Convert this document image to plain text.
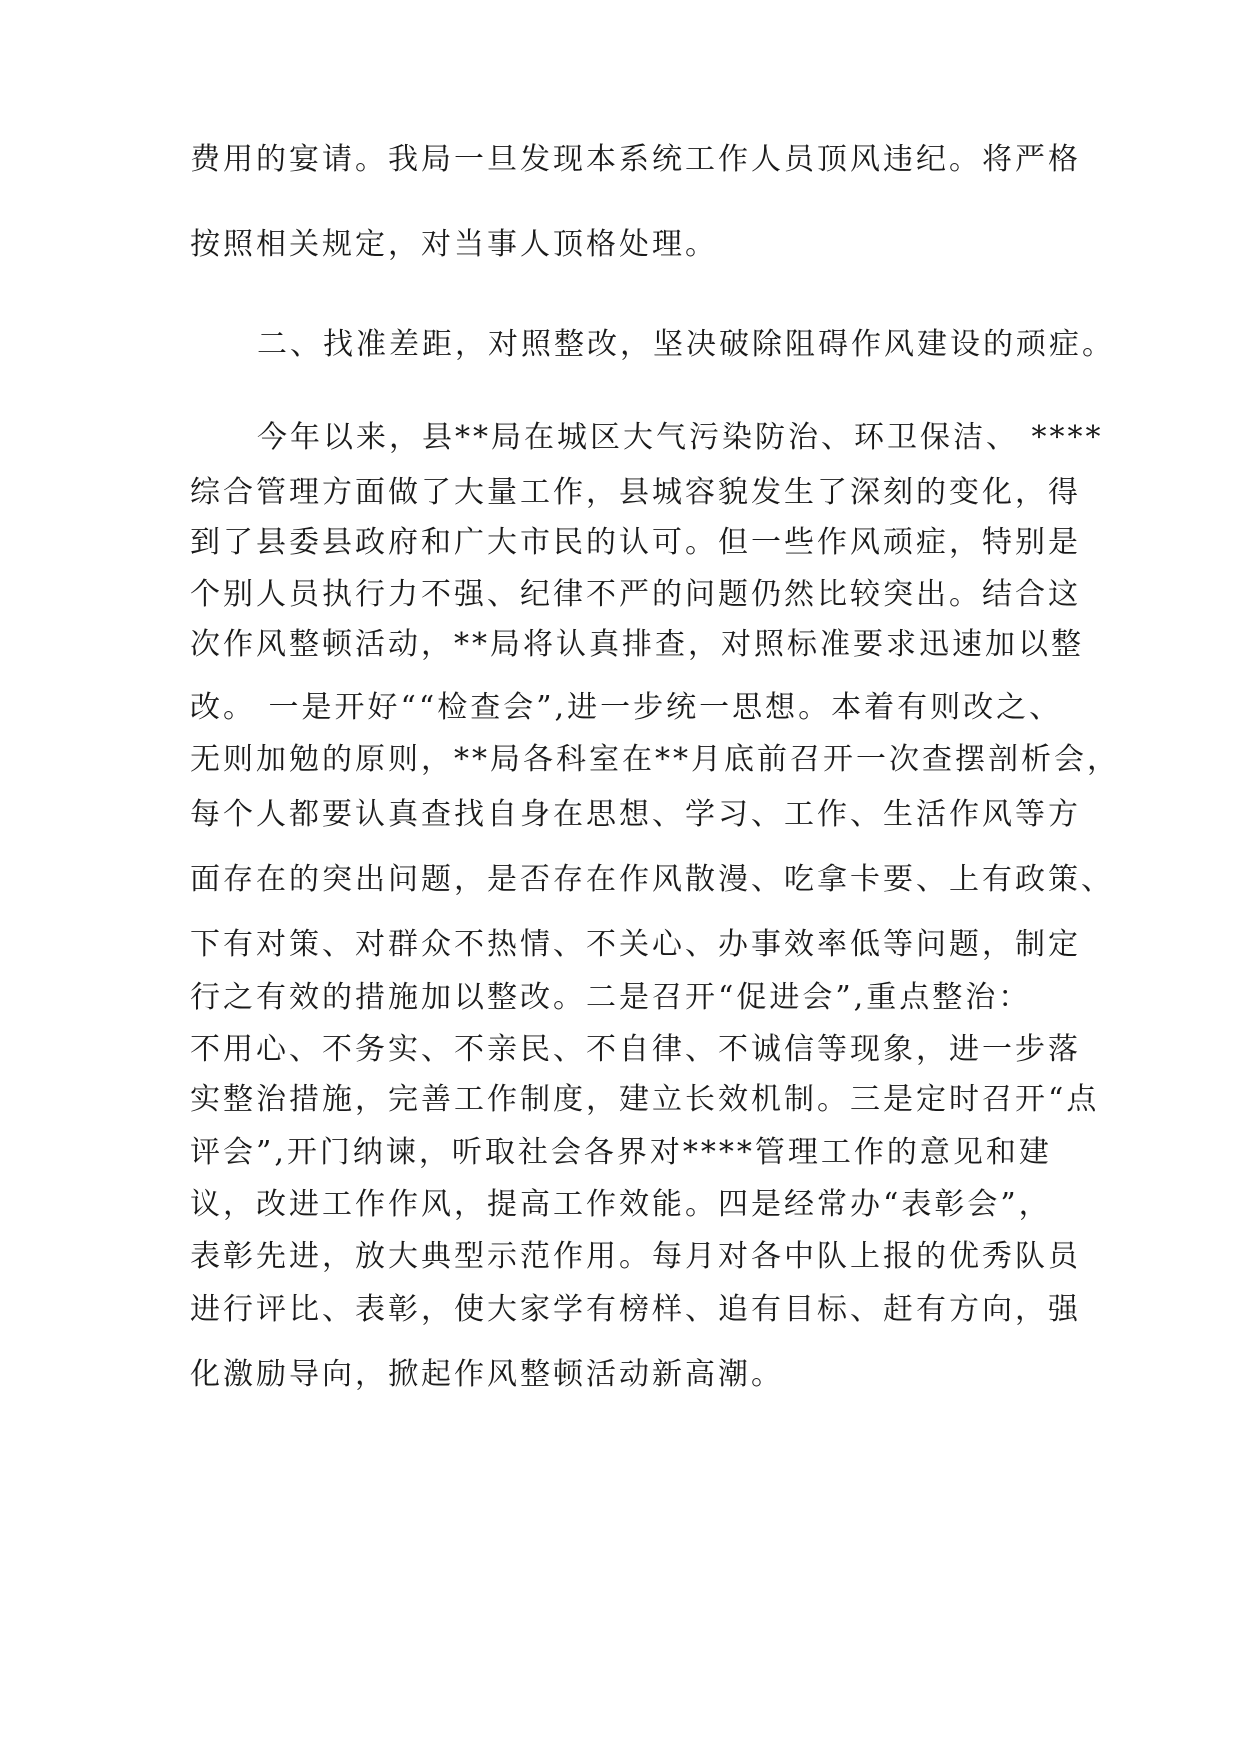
费用的宴请。我局一旦发现本系统工作人员顶风违纪。将严格
按照相关规定，对当事人顶格处理。
二、找准差距，对照整改，坚决破除阻碍作风建设的顽症。
今年以来，县**局在城区大气污染防治、环卫保洁、 ****
综合管理方面做了大量工作，县城容貌发生了深刻的变化，得
到了县委县政府和广大市民的认可。但一些作风顽症，特别是
个别人员执行力不强、纪律不严的问题仍然比较突出。结合这
次作风整顿活动，**局将认真排查，对照标准要求迅速加以整
改。 一是开好““检查会”,进一步统一思想。本着有则改之、
无则加勉的原则，**局各科室在**月底前召开一次查摆剖析会，
每个人都要认真查找自身在思想、学习、工作、生活作风等方
面存在的突出问题，是否存在作风散漫、吃拿卡要、上有政策、
下有对策、对群众不热情、不关心、办事效率低等问题，制定
行之有效的措施加以整改。二是召开“促进会”,重点整治：
不用心、不务实、不亲民、不自律、不诚信等现象，进一步落
实整治措施，完善工作制度，建立长效机制。三是定时召开“点
评会”,开门纳谏，听取社会各界对****管理工作的意见和建
议，改进工作作风，提高工作效能。四是经常办“表彰会”，
表彰先进，放大典型示范作用。每月对各中队上报的优秀队员
进行评比、表彰，使大家学有榜样、追有目标、赶有方向，强
化激励导向，掀起作风整顿活动新高潮。
